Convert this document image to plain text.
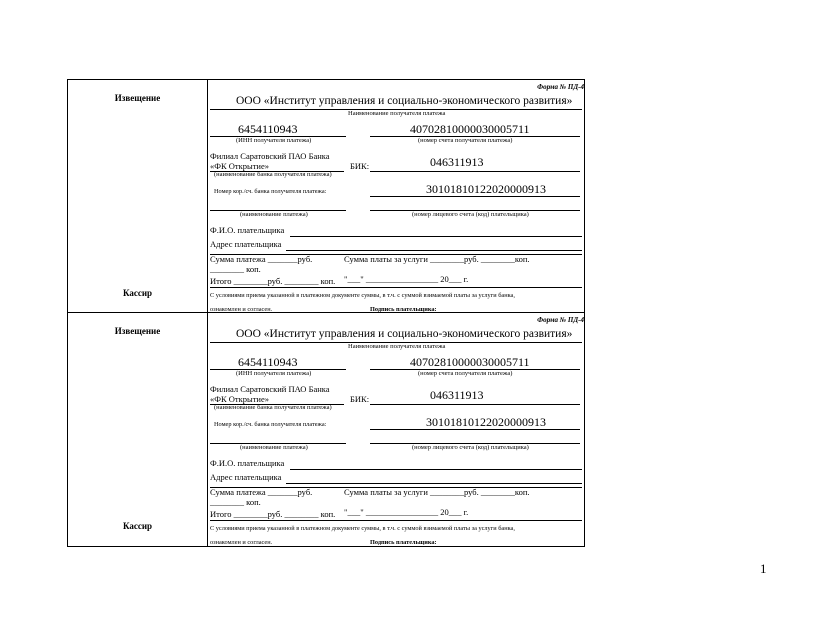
Извещение
Кассир
Форма № ПД-4
ООО «Институт управления и социально-экономического развития»
Наименование получателя платежа
6454110943	40702810000030005711
(ИНН получателя платежа)	(номер счета получателя платежа)
Филиал Саратовский ПАО Банка
«ФК Открытие»	БИК:	046311913
(наименование банка получателя платежа)
Номер кор./сч. банка получателя платежа:	30101810122020000913
(наименование платежа)	(номер лицевого счета (код) плательщика)
Ф.И.О. плательщика
Адрес плательщика
Сумма платежа _______руб.	Сумма платы за услуги ________руб. ________коп.
________ коп.
Итого ________руб. ________ коп. "___" _________________ 20___ г.
С условиями приема указанной в платежном документе суммы, в т.ч. с суммой взимаемой платы за услуги банка,
ознакомлен и согласен.	Подпись плательщика:
Извещение
Кассир
Форма № ПД-4
ООО «Институт управления и социально-экономического развития»
Наименование получателя платежа
6454110943	40702810000030005711
(ИНН получателя платежа)	(номер счета получателя платежа)
Филиал Саратовский ПАО Банка
«ФК Открытие»	БИК:	046311913
(наименование банка получателя платежа)
Номер кор./сч. банка получателя платежа:	30101810122020000913
(наименование платежа)	(номер лицевого счета (код) плательщика)
Ф.И.О. плательщика
Адрес плательщика
Сумма платежа _______руб.	Сумма платы за услуги ________руб. ________коп.
________ коп.
Итого ________руб. ________ коп. "___" _________________ 20___ г.
С условиями приема указанной в платежном документе суммы, в т.ч. с суммой взимаемой платы за услуги банка,
ознакомлен и согласен.	Подпись плательщика:
1
